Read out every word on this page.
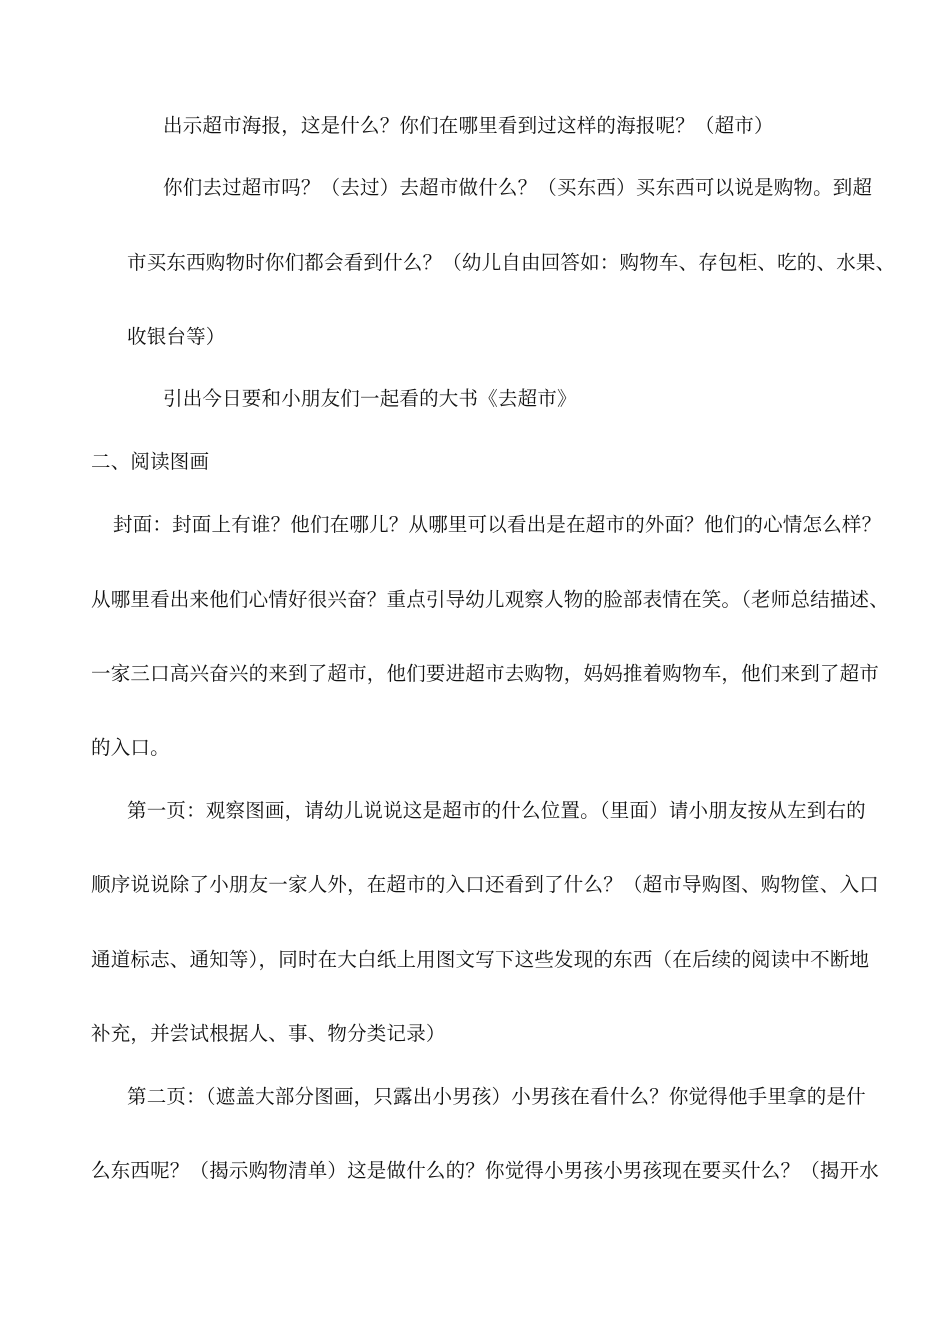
出示超市海报，这是什么？你们在哪里看到过这样的海报呢？（超市）
你们去过超市吗？（去过）去超市做什么？（买东西）买东西可以说是购物。到超
市买东西购物时你们都会看到什么？（幼儿自由回答如：购物车、存包柜、吃的、水果、
收银台等）
引出今日要和小朋友们一起看的大书《去超市》
二、阅读图画
封面：封面上有谁？他们在哪儿？从哪里可以看出是在超市的外面？他们的心情怎么样？
从哪里看出来他们心情好很兴奋？重点引导幼儿观察人物的脸部表情在笑。（老师总结描述、
一家三口高兴奋兴的来到了超市，他们要进超市去购物，妈妈推着购物车，他们来到了超市
的入口。
第一页：观察图画，请幼儿说说这是超市的什么位置。（里面）请小朋友按从左到右的
顺序说说除了小朋友一家人外，在超市的入口还看到了什么？（超市导购图、购物筐、入口
通道标志、通知等），同时在大白纸上用图文写下这些发现的东西（在后续的阅读中不断地
补充，并尝试根据人、事、物分类记录）
第二页：（遮盖大部分图画，只露出小男孩）小男孩在看什么？你觉得他手里拿的是什
么东西呢？（揭示购物清单）这是做什么的？你觉得小男孩小男孩现在要买什么？（揭开水
